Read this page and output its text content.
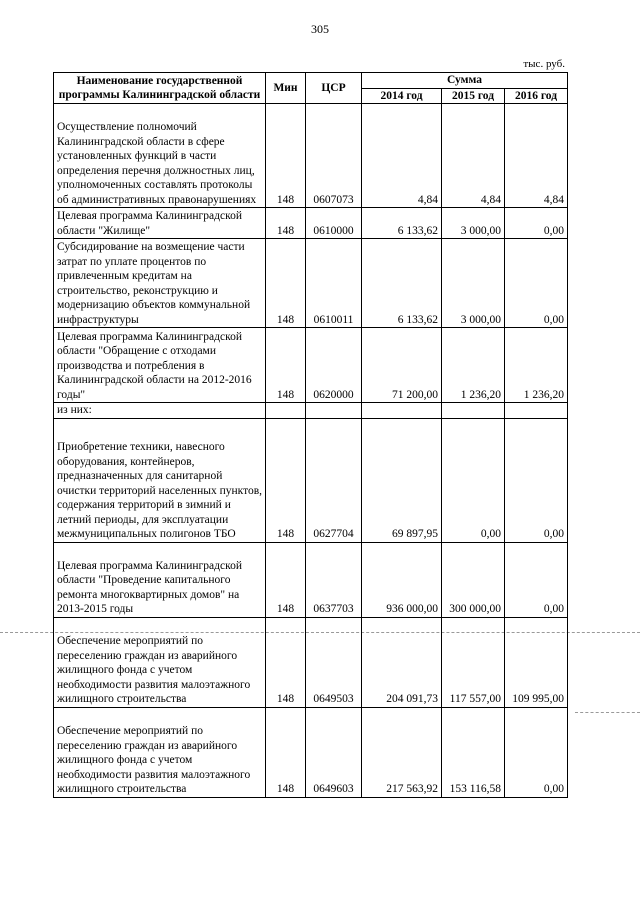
305
тыс. руб.
Наименование государственной программы Калининградской области	Мин	ЦСР	Сумма		
			2014 год	2015 год	2016 год
Осуществление полномочий Калининградской области в сфере установленных функций в части определения перечня должностных лиц, уполномоченных составлять протоколы об административных правонарушениях	148	0607073	4,84	4,84	4,84
Целевая программа Калининградской области "Жилище"	148	0610000	6 133,62	3 000,00	0,00
Субсидирование на возмещение части затрат по уплате процентов по привлеченным кредитам на строительство, реконструкцию и модернизацию объектов коммунальной инфраструктуры	148	0610011	6 133,62	3 000,00	0,00
Целевая программа Калининградской области "Обращение с отходами производства и потребления в Калининградской области на 2012-2016 годы"	148	0620000	71 200,00	1 236,20	1 236,20
из них:					
Приобретение техники, навесного оборудования, контейнеров, предназначенных для санитарной очистки территорий населенных пунктов, содержания территорий в зимний и летний периоды, для эксплуатации межмуниципальных полигонов ТБО	148	0627704	69 897,95	0,00	0,00
Целевая программа Калининградской области "Проведение капитального ремонта многоквартирных домов" на 2013-2015 годы	148	0637703	936 000,00	300 000,00	0,00
Обеспечение мероприятий по переселению граждан из аварийного жилищного фонда с учетом необходимости развития малоэтажного жилищного строительства	148	0649503	204 091,73	117 557,00	109 995,00
Обеспечение мероприятий по переселению граждан из аварийного жилищного фонда с учетом необходимости развития малоэтажного жилищного строительства	148	0649603	217 563,92	153 116,58	0,00
